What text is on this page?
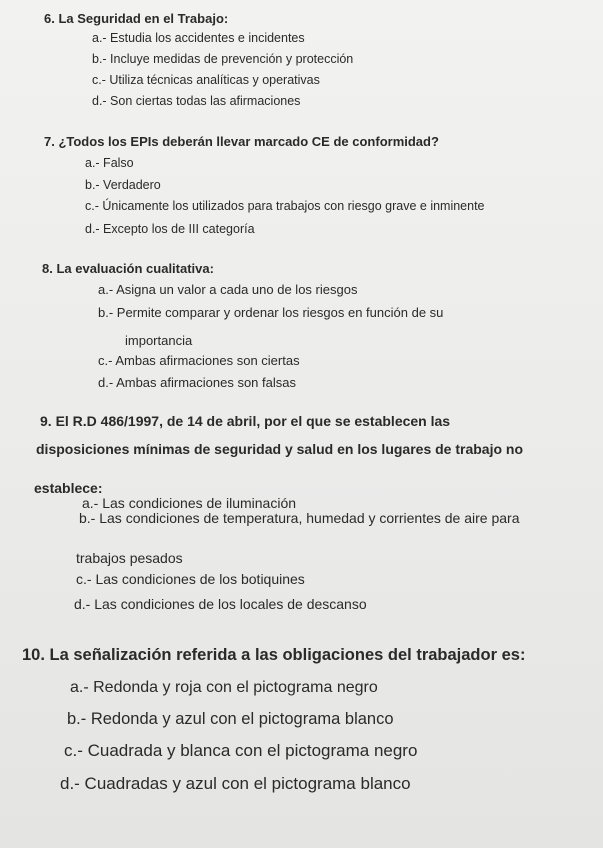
6. La Seguridad en el Trabajo:
a.- Estudia los accidentes e incidentes
b.- Incluye medidas de prevención y protección
c.- Utiliza técnicas analíticas y operativas
d.- Son ciertas todas las afirmaciones
7. ¿Todos los EPIs deberán llevar marcado CE de conformidad?
a.- Falso
b.- Verdadero
c.- Únicamente los utilizados para trabajos con riesgo grave e inminente
d.- Excepto los de III categoría
8. La evaluación cualitativa:
a.- Asigna un valor a cada uno de los riesgos
b.- Permite comparar y ordenar los riesgos en función de su
importancia
c.- Ambas afirmaciones son ciertas
d.- Ambas afirmaciones son falsas
9. El R.D 486/1997, de 14 de abril, por el que se establecen las
disposiciones mínimas de seguridad y salud en los lugares de trabajo no
establece:
a.- Las condiciones de iluminación
b.- Las condiciones de temperatura, humedad y corrientes de aire para
trabajos pesados
c.- Las condiciones de los botiquines
d.- Las condiciones de los locales de descanso
10. La señalización referida a las obligaciones del trabajador es:
a.- Redonda y roja con el pictograma negro
b.- Redonda y azul con el pictograma blanco
c.- Cuadrada y blanca con el pictograma negro
d.- Cuadradas y azul con el pictograma blanco
